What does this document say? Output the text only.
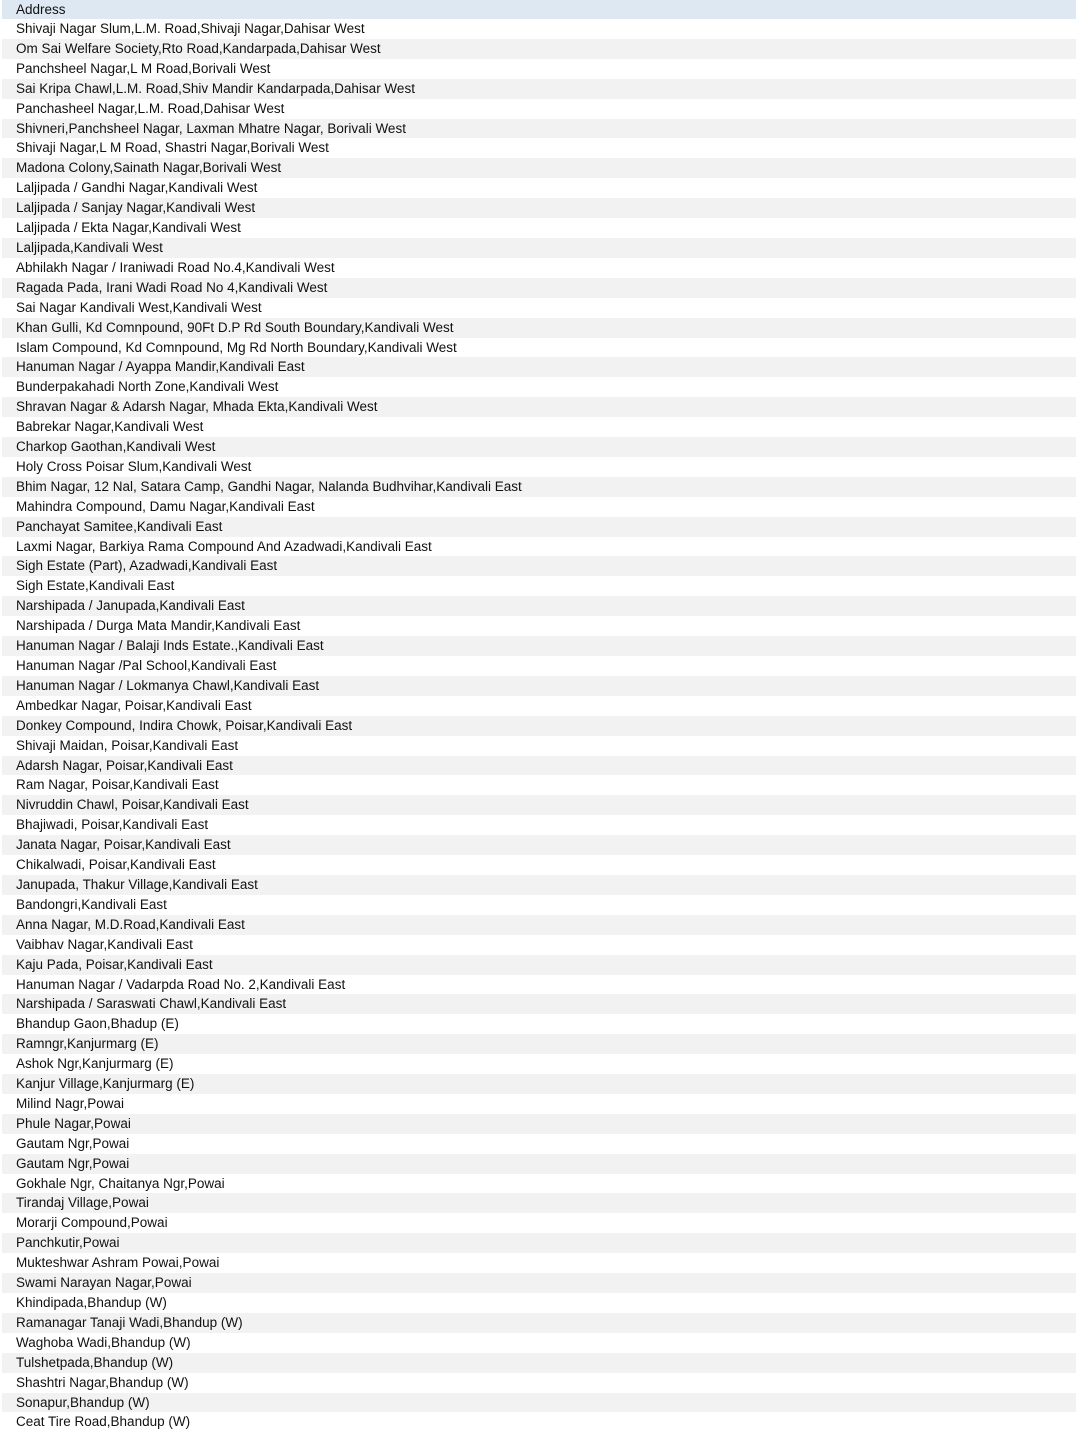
Address
Shivaji Nagar Slum,L.M. Road,Shivaji Nagar,Dahisar West
Om Sai Welfare Society,Rto Road,Kandarpada,Dahisar West
Panchsheel Nagar,L M Road,Borivali West
Sai Kripa Chawl,L.M. Road,Shiv Mandir Kandarpada,Dahisar West
Panchasheel Nagar,L.M. Road,Dahisar West
Shivneri,Panchsheel Nagar, Laxman Mhatre Nagar, Borivali West
Shivaji Nagar,L M Road, Shastri Nagar,Borivali West
Madona Colony,Sainath Nagar,Borivali West
Laljipada / Gandhi Nagar,Kandivali West
Laljipada / Sanjay Nagar,Kandivali West
Laljipada / Ekta Nagar,Kandivali West
Laljipada,Kandivali West
Abhilakh Nagar / Iraniwadi Road No.4,Kandivali West
Ragada Pada, Irani Wadi Road No 4,Kandivali West
Sai Nagar Kandivali West,Kandivali West
Khan Gulli, Kd Comnpound, 90Ft D.P Rd South Boundary,Kandivali West
Islam Compound, Kd Comnpound, Mg Rd North Boundary,Kandivali West
Hanuman Nagar / Ayappa Mandir,Kandivali East
Bunderpakahadi North Zone,Kandivali West
Shravan Nagar & Adarsh Nagar, Mhada Ekta,Kandivali West
Babrekar Nagar,Kandivali West
Charkop Gaothan,Kandivali West
Holy Cross Poisar Slum,Kandivali West
Bhim Nagar, 12 Nal, Satara Camp, Gandhi Nagar, Nalanda Budhvihar,Kandivali East
Mahindra Compound, Damu Nagar,Kandivali East
Panchayat Samitee,Kandivali East
Laxmi Nagar, Barkiya Rama Compound And Azadwadi,Kandivali East
Sigh Estate (Part), Azadwadi,Kandivali East
Sigh Estate,Kandivali East
Narshipada / Janupada,Kandivali East
Narshipada / Durga Mata Mandir,Kandivali East
Hanuman Nagar / Balaji Inds Estate.,Kandivali East
Hanuman Nagar /Pal School,Kandivali East
Hanuman Nagar / Lokmanya Chawl,Kandivali East
Ambedkar Nagar, Poisar,Kandivali East
Donkey Compound, Indira Chowk, Poisar,Kandivali East
Shivaji Maidan, Poisar,Kandivali East
Adarsh Nagar, Poisar,Kandivali East
Ram Nagar, Poisar,Kandivali East
Nivruddin Chawl, Poisar,Kandivali East
Bhajiwadi, Poisar,Kandivali East
Janata Nagar, Poisar,Kandivali East
Chikalwadi, Poisar,Kandivali East
Janupada, Thakur Village,Kandivali East
Bandongri,Kandivali East
Anna Nagar, M.D.Road,Kandivali East
Vaibhav Nagar,Kandivali East
Kaju Pada, Poisar,Kandivali East
Hanuman Nagar / Vadarpda Road No. 2,Kandivali East
Narshipada / Saraswati Chawl,Kandivali East
Bhandup Gaon,Bhadup (E)
Ramngr,Kanjurmarg (E)
Ashok Ngr,Kanjurmarg (E)
Kanjur Village,Kanjurmarg (E)
Milind Nagr,Powai
Phule Nagar,Powai
Gautam Ngr,Powai
Gautam Ngr,Powai
Gokhale Ngr, Chaitanya Ngr,Powai
Tirandaj Village,Powai
Morarji Compound,Powai
Panchkutir,Powai
Mukteshwar Ashram Powai,Powai
Swami Narayan Nagar,Powai
Khindipada,Bhandup (W)
Ramanagar Tanaji Wadi,Bhandup (W)
Waghoba Wadi,Bhandup (W)
Tulshetpada,Bhandup (W)
Shashtri Nagar,Bhandup (W)
Sonapur,Bhandup (W)
Ceat Tire Road,Bhandup (W)
